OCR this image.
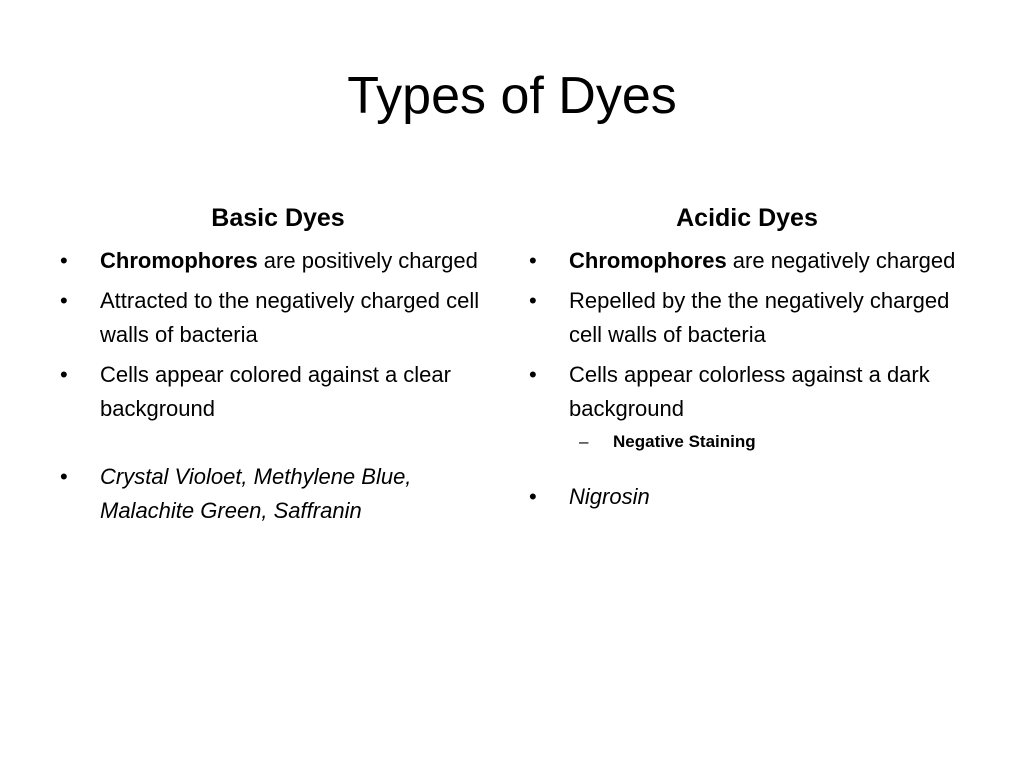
Types of Dyes
Basic Dyes
• Chromophores are positively charged
• Attracted to the negatively charged cell walls of bacteria
• Cells appear colored against a clear background
• Crystal Violoet, Methylene Blue, Malachite Green, Saffranin
Acidic Dyes
• Chromophores are negatively charged
• Repelled by the the negatively charged cell walls of bacteria
• Cells appear colorless against a dark background
– Negative Staining
• Nigrosin
